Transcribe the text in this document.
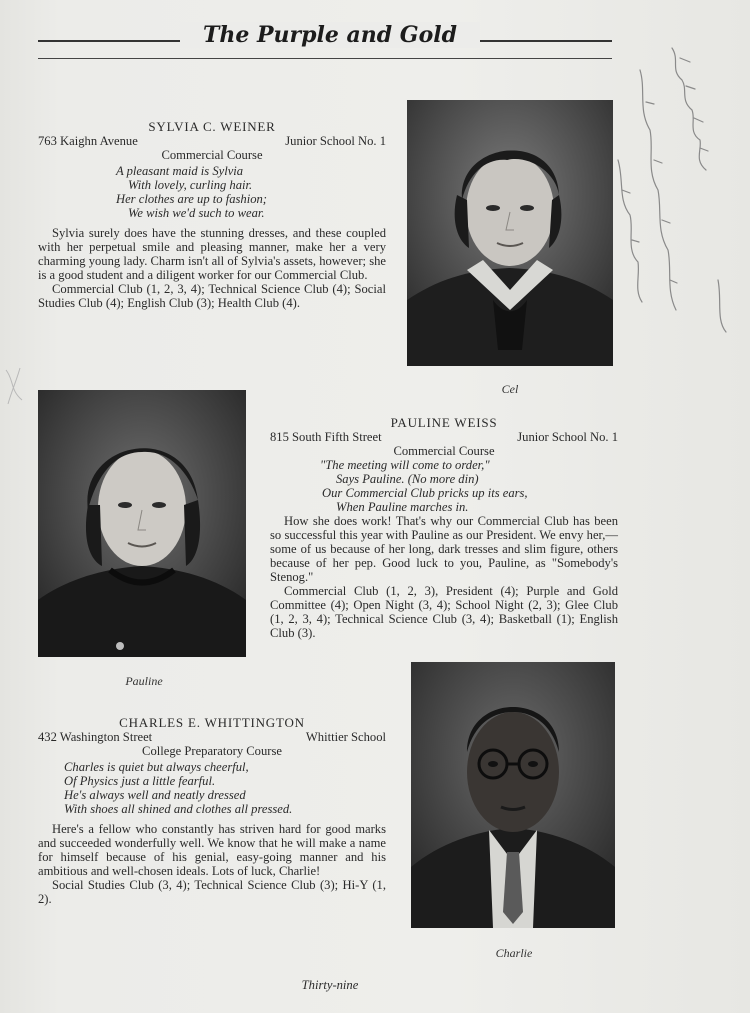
The Purple and Gold
SYLVIA C. WEINER
763 Kaighn Avenue	Junior School No. 1
Commercial Course
A pleasant maid is Sylvia
With lovely, curling hair.
Her clothes are up to fashion;
We wish we'd such to wear.

Sylvia surely does have the stunning dresses, and these coupled with her perpetual smile and pleasing manner, make her a very charming young lady. Charm isn't all of Sylvia's assets, however; she is a good student and a diligent worker for our Commercial Club.

Commercial Club (1, 2, 3, 4); Technical Science Club (4); Social Studies Club (4); English Club (3); Health Club (4).

Cel
Pauline
PAULINE WEISS
815 South Fifth Street	Junior School No. 1
Commercial Course
"The meeting will come to order,"
Says Pauline. (No more din)
Our Commercial Club pricks up its ears,
When Pauline marches in.

How she does work! That's why our Commercial Club has been so successful this year with Pauline as our President. We envy her,—some of us because of her long, dark tresses and slim figure, others because of her pep. Good luck to you, Pauline, as "Somebody's Stenog."

Commercial Club (1, 2, 3), President (4); Purple and Gold Committee (4); Open Night (3, 4); School Night (2, 3); Glee Club (1, 2, 3, 4); Technical Science Club (3, 4); Basketball (1); English Club (3).

CHARLES E. WHITTINGTON
432 Washington Street	Whittier School
College Preparatory Course
Charles is quiet but always cheerful,
Of Physics just a little fearful.
He's always well and neatly dressed
With shoes all shined and clothes all pressed.

Here's a fellow who constantly has striven hard for good marks and succeeded wonderfully well. We know that he will make a name for himself because of his genial, easy-going manner and his ambitious and well-chosen ideals. Lots of luck, Charlie!

Social Studies Club (3, 4); Technical Science Club (3); Hi-Y (1, 2).

Charlie
Thirty-nine
